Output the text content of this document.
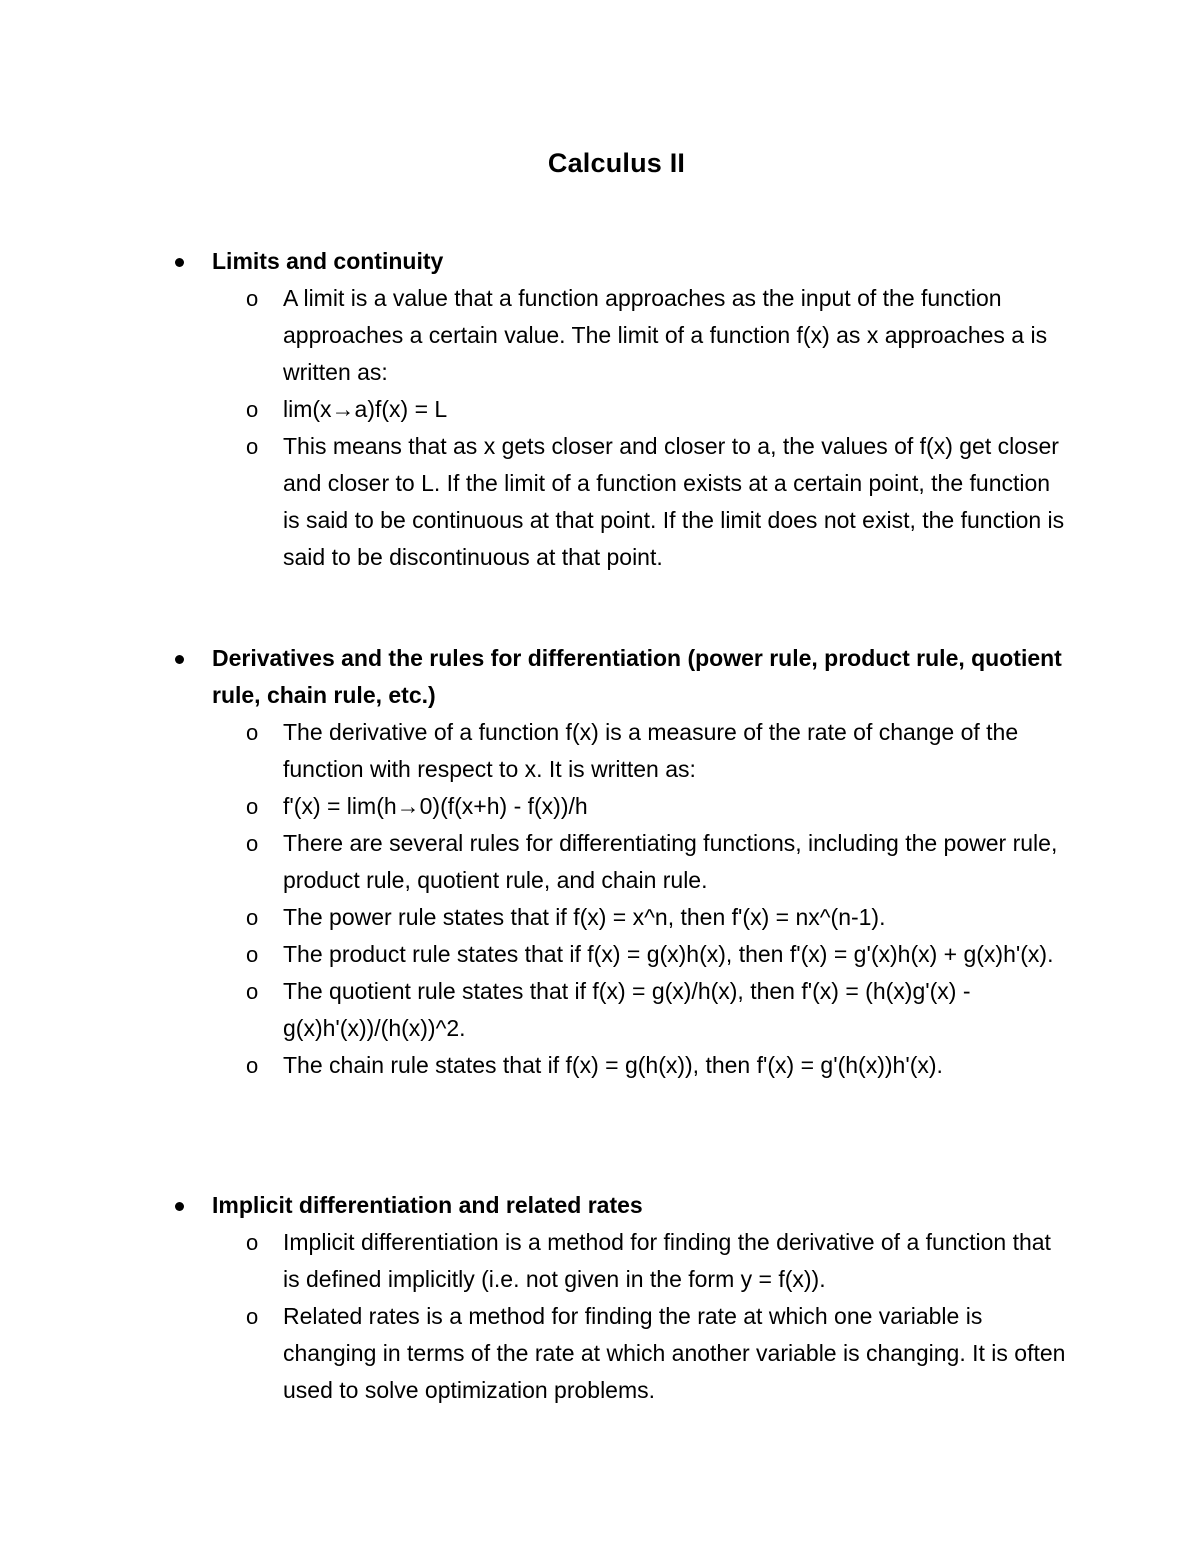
Calculus II
Limits and continuity
o A limit is a value that a function approaches as the input of the function approaches a certain value. The limit of a function f(x) as x approaches a is written as:
o lim(x→a)f(x) = L
o This means that as x gets closer and closer to a, the values of f(x) get closer and closer to L. If the limit of a function exists at a certain point, the function is said to be continuous at that point. If the limit does not exist, the function is said to be discontinuous at that point.
Derivatives and the rules for differentiation (power rule, product rule, quotient rule, chain rule, etc.)
o The derivative of a function f(x) is a measure of the rate of change of the function with respect to x. It is written as:
o f'(x) = lim(h→0)(f(x+h) - f(x))/h
o There are several rules for differentiating functions, including the power rule, product rule, quotient rule, and chain rule.
o The power rule states that if f(x) = x^n, then f'(x) = nx^(n-1).
o The product rule states that if f(x) = g(x)h(x), then f'(x) = g'(x)h(x) + g(x)h'(x).
o The quotient rule states that if f(x) = g(x)/h(x), then f'(x) = (h(x)g'(x) - g(x)h'(x))/(h(x))^2.
o The chain rule states that if f(x) = g(h(x)), then f'(x) = g'(h(x))h'(x).
Implicit differentiation and related rates
o Implicit differentiation is a method for finding the derivative of a function that is defined implicitly (i.e. not given in the form y = f(x)).
o Related rates is a method for finding the rate at which one variable is changing in terms of the rate at which another variable is changing. It is often used to solve optimization problems.
